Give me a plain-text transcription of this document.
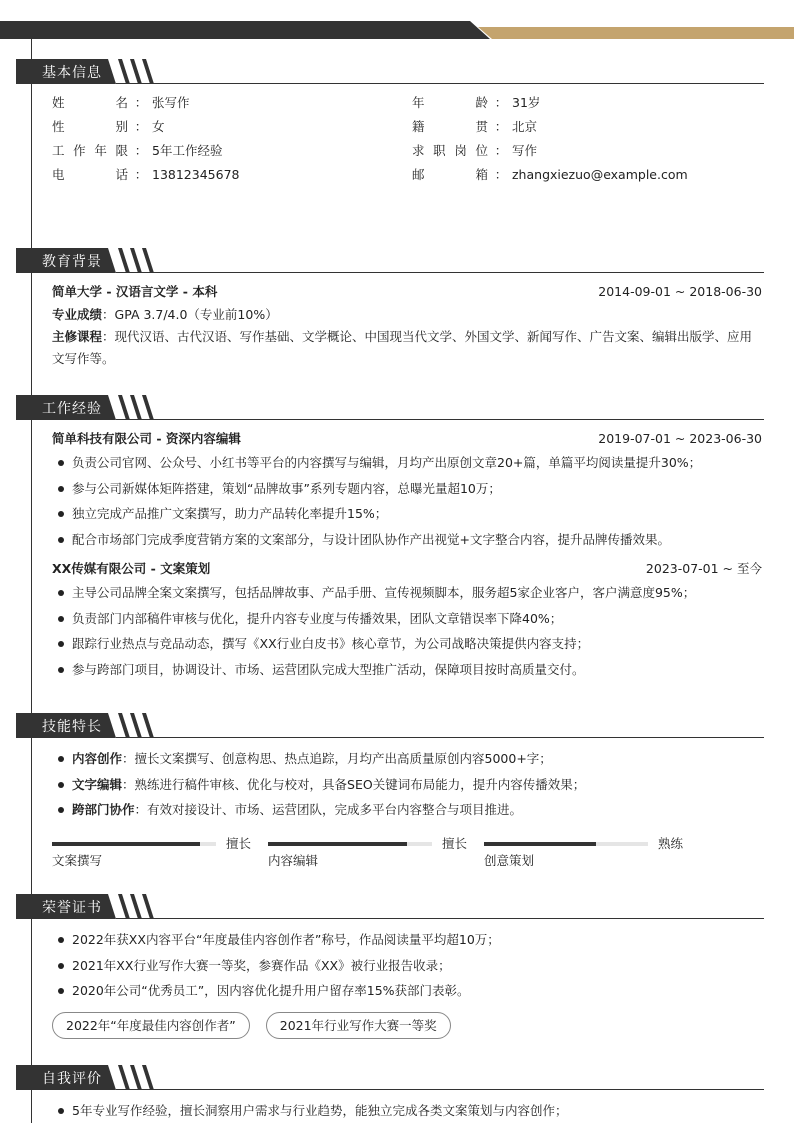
基本信息
姓	名 ： 张写作	年	龄 ： 31岁
性	别 ： 女	籍	贯 ： 北京
工 作 年 限 ： 5年工作经验	求 职 岗 位 ： 写作
电	话 ： 13812345678	邮	箱 ： zhangxiezuo@example.com
教育背景
简单大学 - 汉语言文学 - 本科	2014-09-01 ~ 2018-06-30
专业成绩：GPA 3.7/4.0（专业前10%）
主修课程：现代汉语、古代汉语、写作基础、文学概论、中国现当代文学、外国文学、新闻写作、广告文案、编辑出版学、应用文写作等。
工作经验
简单科技有限公司 - 资深内容编辑	2019-07-01 ~ 2023-06-30
负责公司官网、公众号、小红书等平台的内容撰写与编辑，月均产出原创文章20+篇，单篇平均阅读量提升30%；
参与公司新媒体矩阵搭建，策划“品牌故事”系列专题内容，总曝光量超10万；
独立完成产品推广文案撰写，助力产品转化率提升15%；
配合市场部门完成季度营销方案的文案部分，与设计团队协作产出视觉+文字整合内容，提升品牌传播效果。
XX传媒有限公司 - 文案策划	2023-07-01 ~ 至今
主导公司品牌全案文案撰写，包括品牌故事、产品手册、宣传视频脚本，服务超5家企业客户，客户满意度95%；
负责部门内部稿件审核与优化，提升内容专业度与传播效果，团队文章错误率下降40%；
跟踪行业热点与竞品动态，撰写《XX行业白皮书》核心章节，为公司战略决策提供内容支持；
参与跨部门项目，协调设计、市场、运营团队完成大型推广活动，保障项目按时高质量交付。
技能特长
内容创作：擅长文案撰写、创意构思、热点追踪，月均产出高质量原创内容5000+字；
文字编辑：熟练进行稿件审核、优化与校对，具备SEO关键词布局能力，提升内容传播效果；
跨部门协作：有效对接设计、市场、运营团队，完成多平台内容整合与项目推进。
擅长
文案撰写
擅长
内容编辑
熟练
创意策划
荣誉证书
2022年获XX内容平台“年度最佳内容创作者”称号，作品阅读量平均超10万；
2021年XX行业写作大赛一等奖，参赛作品《XX》被行业报告收录；
2020年公司“优秀员工”，因内容优化提升用户留存率15%获部门表彰。
2022年“年度最佳内容创作者”	2021年行业写作大赛一等奖
自我评价
5年专业写作经验，擅长洞察用户需求与行业趋势，能独立完成各类文案策划与内容创作；
